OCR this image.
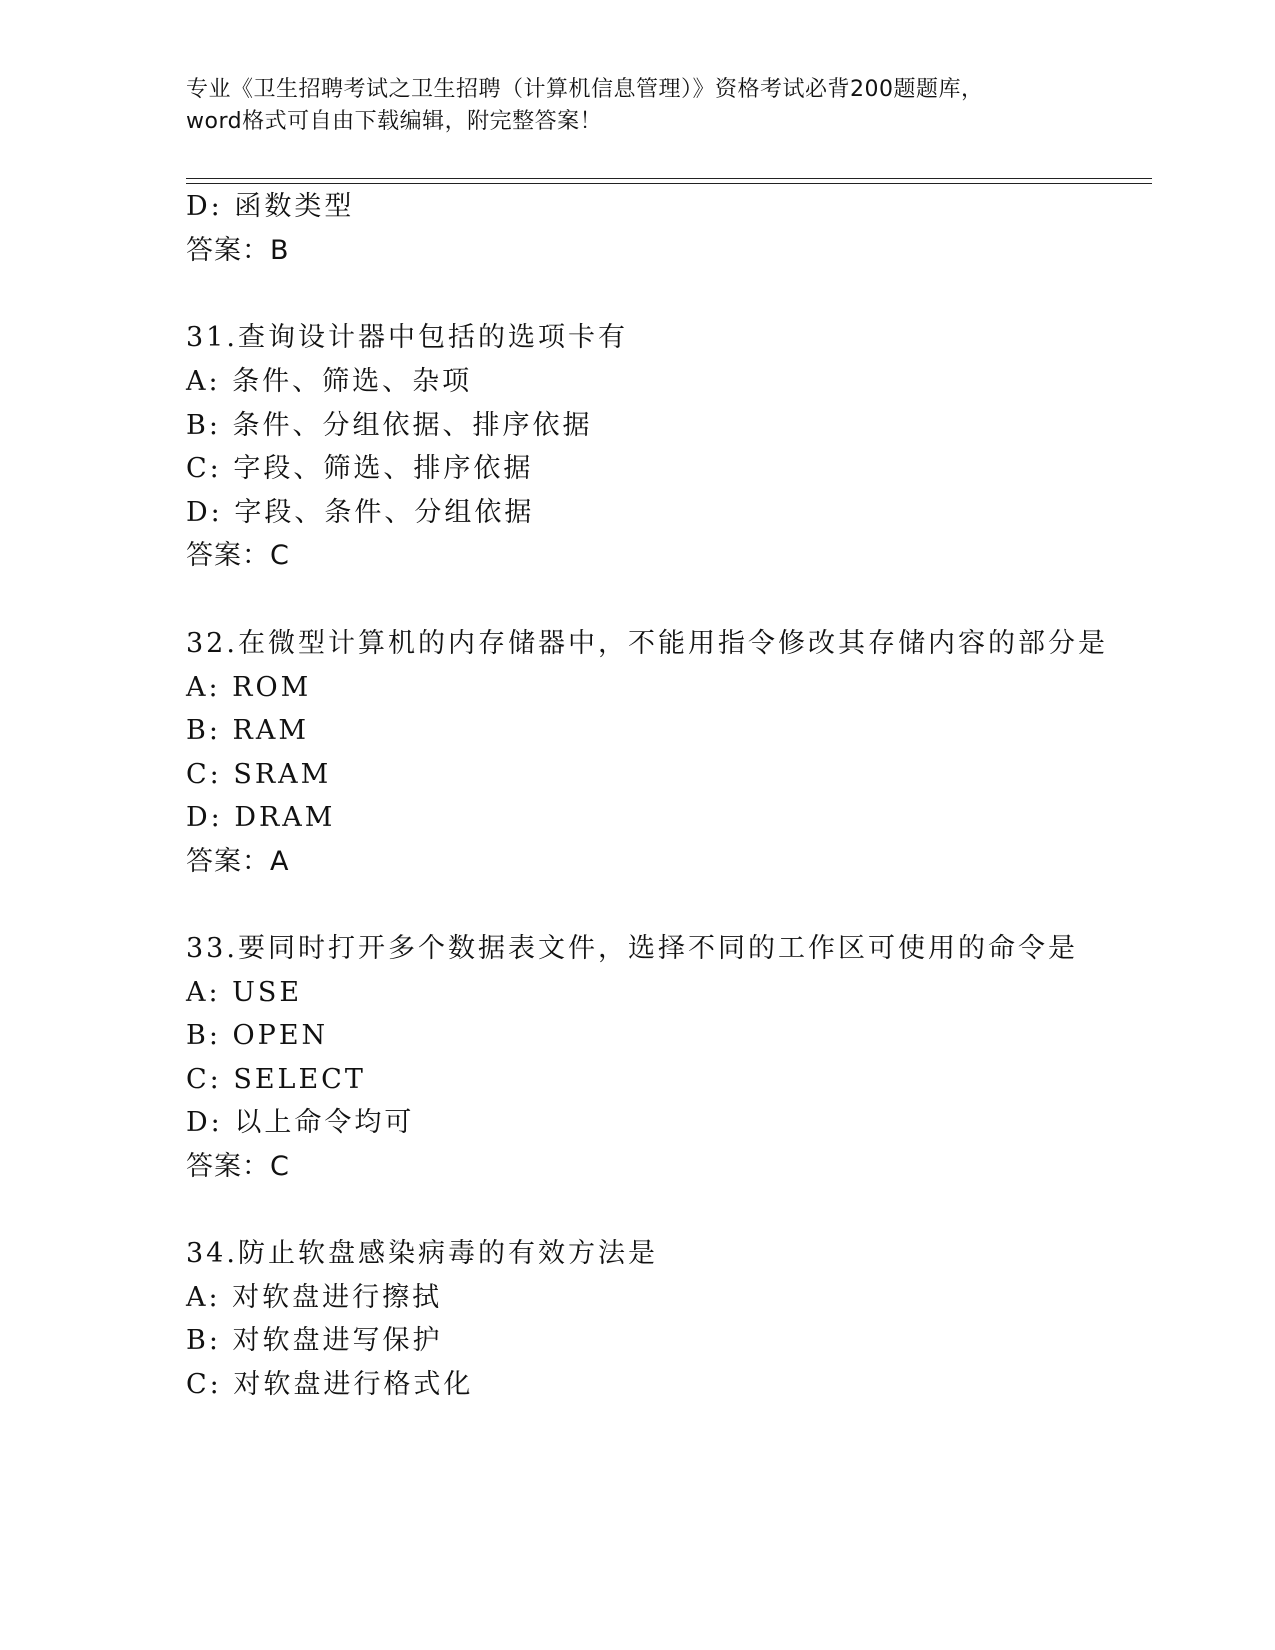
专业《卫生招聘考试之卫生招聘（计算机信息管理）》资格考试必背200题题库，
word格式可自由下载编辑，附完整答案！
D: 函数类型
答案：B
31.查询设计器中包括的选项卡有
A: 条件、筛选、杂项
B: 条件、分组依据、排序依据
C: 字段、筛选、排序依据
D: 字段、条件、分组依据
答案：C
32.在微型计算机的内存储器中，不能用指令修改其存储内容的部分是
A: ROM
B: RAM
C: SRAM
D: DRAM
答案：A
33.要同时打开多个数据表文件，选择不同的工作区可使用的命令是
A: USE
B: OPEN
C: SELECT
D: 以上命令均可
答案：C
34.防止软盘感染病毒的有效方法是
A: 对软盘进行擦拭
B: 对软盘进写保护
C: 对软盘进行格式化
